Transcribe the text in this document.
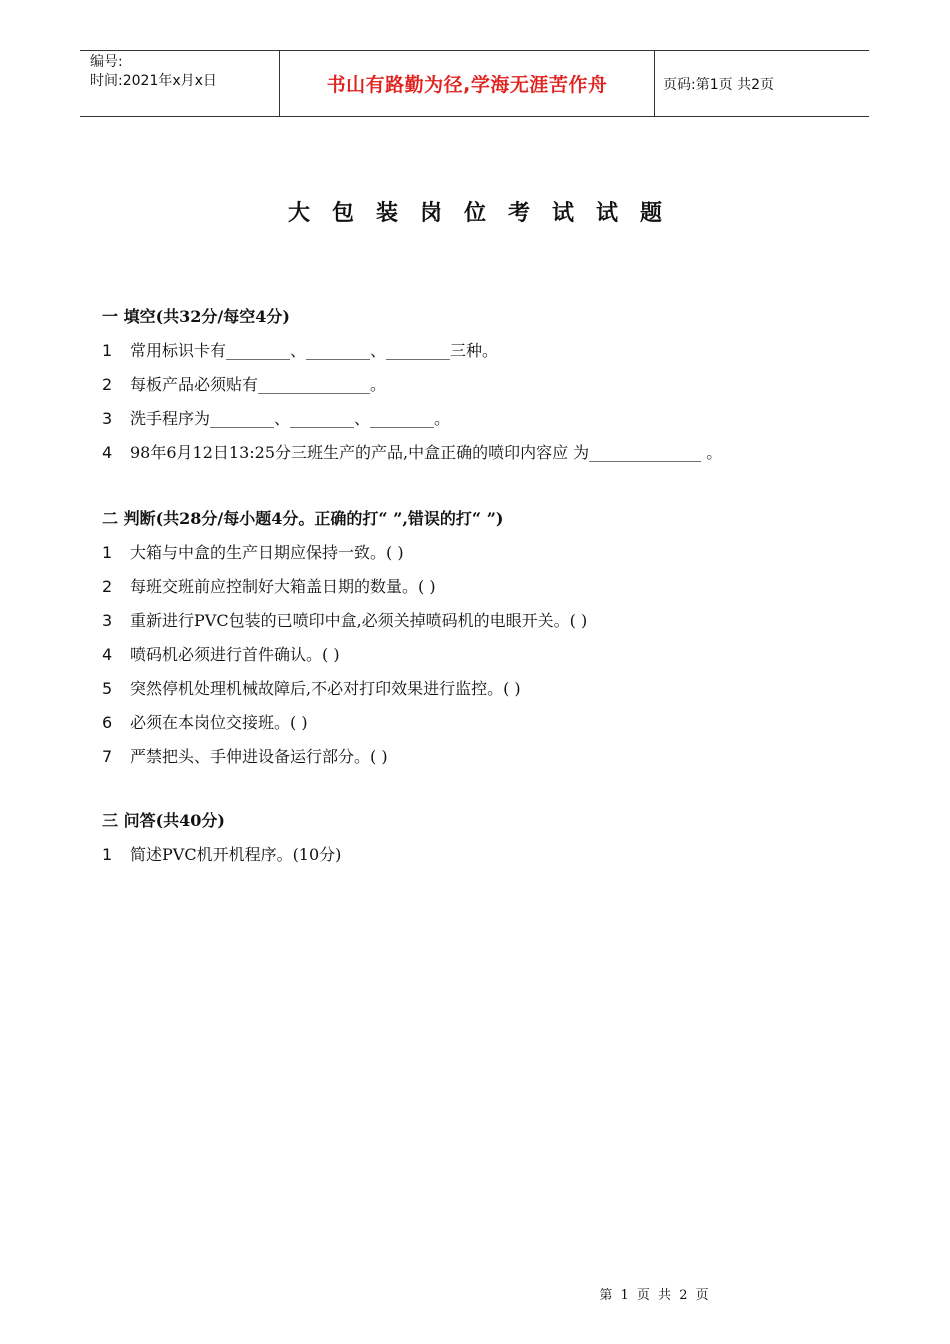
编号:
时间:2021年x月x日	书山有路勤为径,学海无涯苦作舟	页码:第1页 共2页
大包装岗位考试试题
一 填空(共32分/每空4分)
1	常用标识卡有________、________、________三种。
2	每板产品必须贴有______________。
3	洗手程序为________、________、________。
4	98年6月12日13:25分三班生产的产品,中盒正确的喷印内容应 为______________ 。
二 判断(共28分/每小题4分。正确的打“ ”,错误的打“ ”)
1	大箱与中盒的生产日期应保持一致。( )
2	每班交班前应控制好大箱盖日期的数量。( )
3	重新进行PVC包装的已喷印中盒,必须关掉喷码机的电眼开关。( )
4	喷码机必须进行首件确认。( )
5	突然停机处理机械故障后,不必对打印效果进行监控。( )
6	必须在本岗位交接班。( )
7	严禁把头、手伸进设备运行部分。( )
三 问答(共40分)
1	简述PVC机开机程序。(10分)
第 1 页 共 2 页
